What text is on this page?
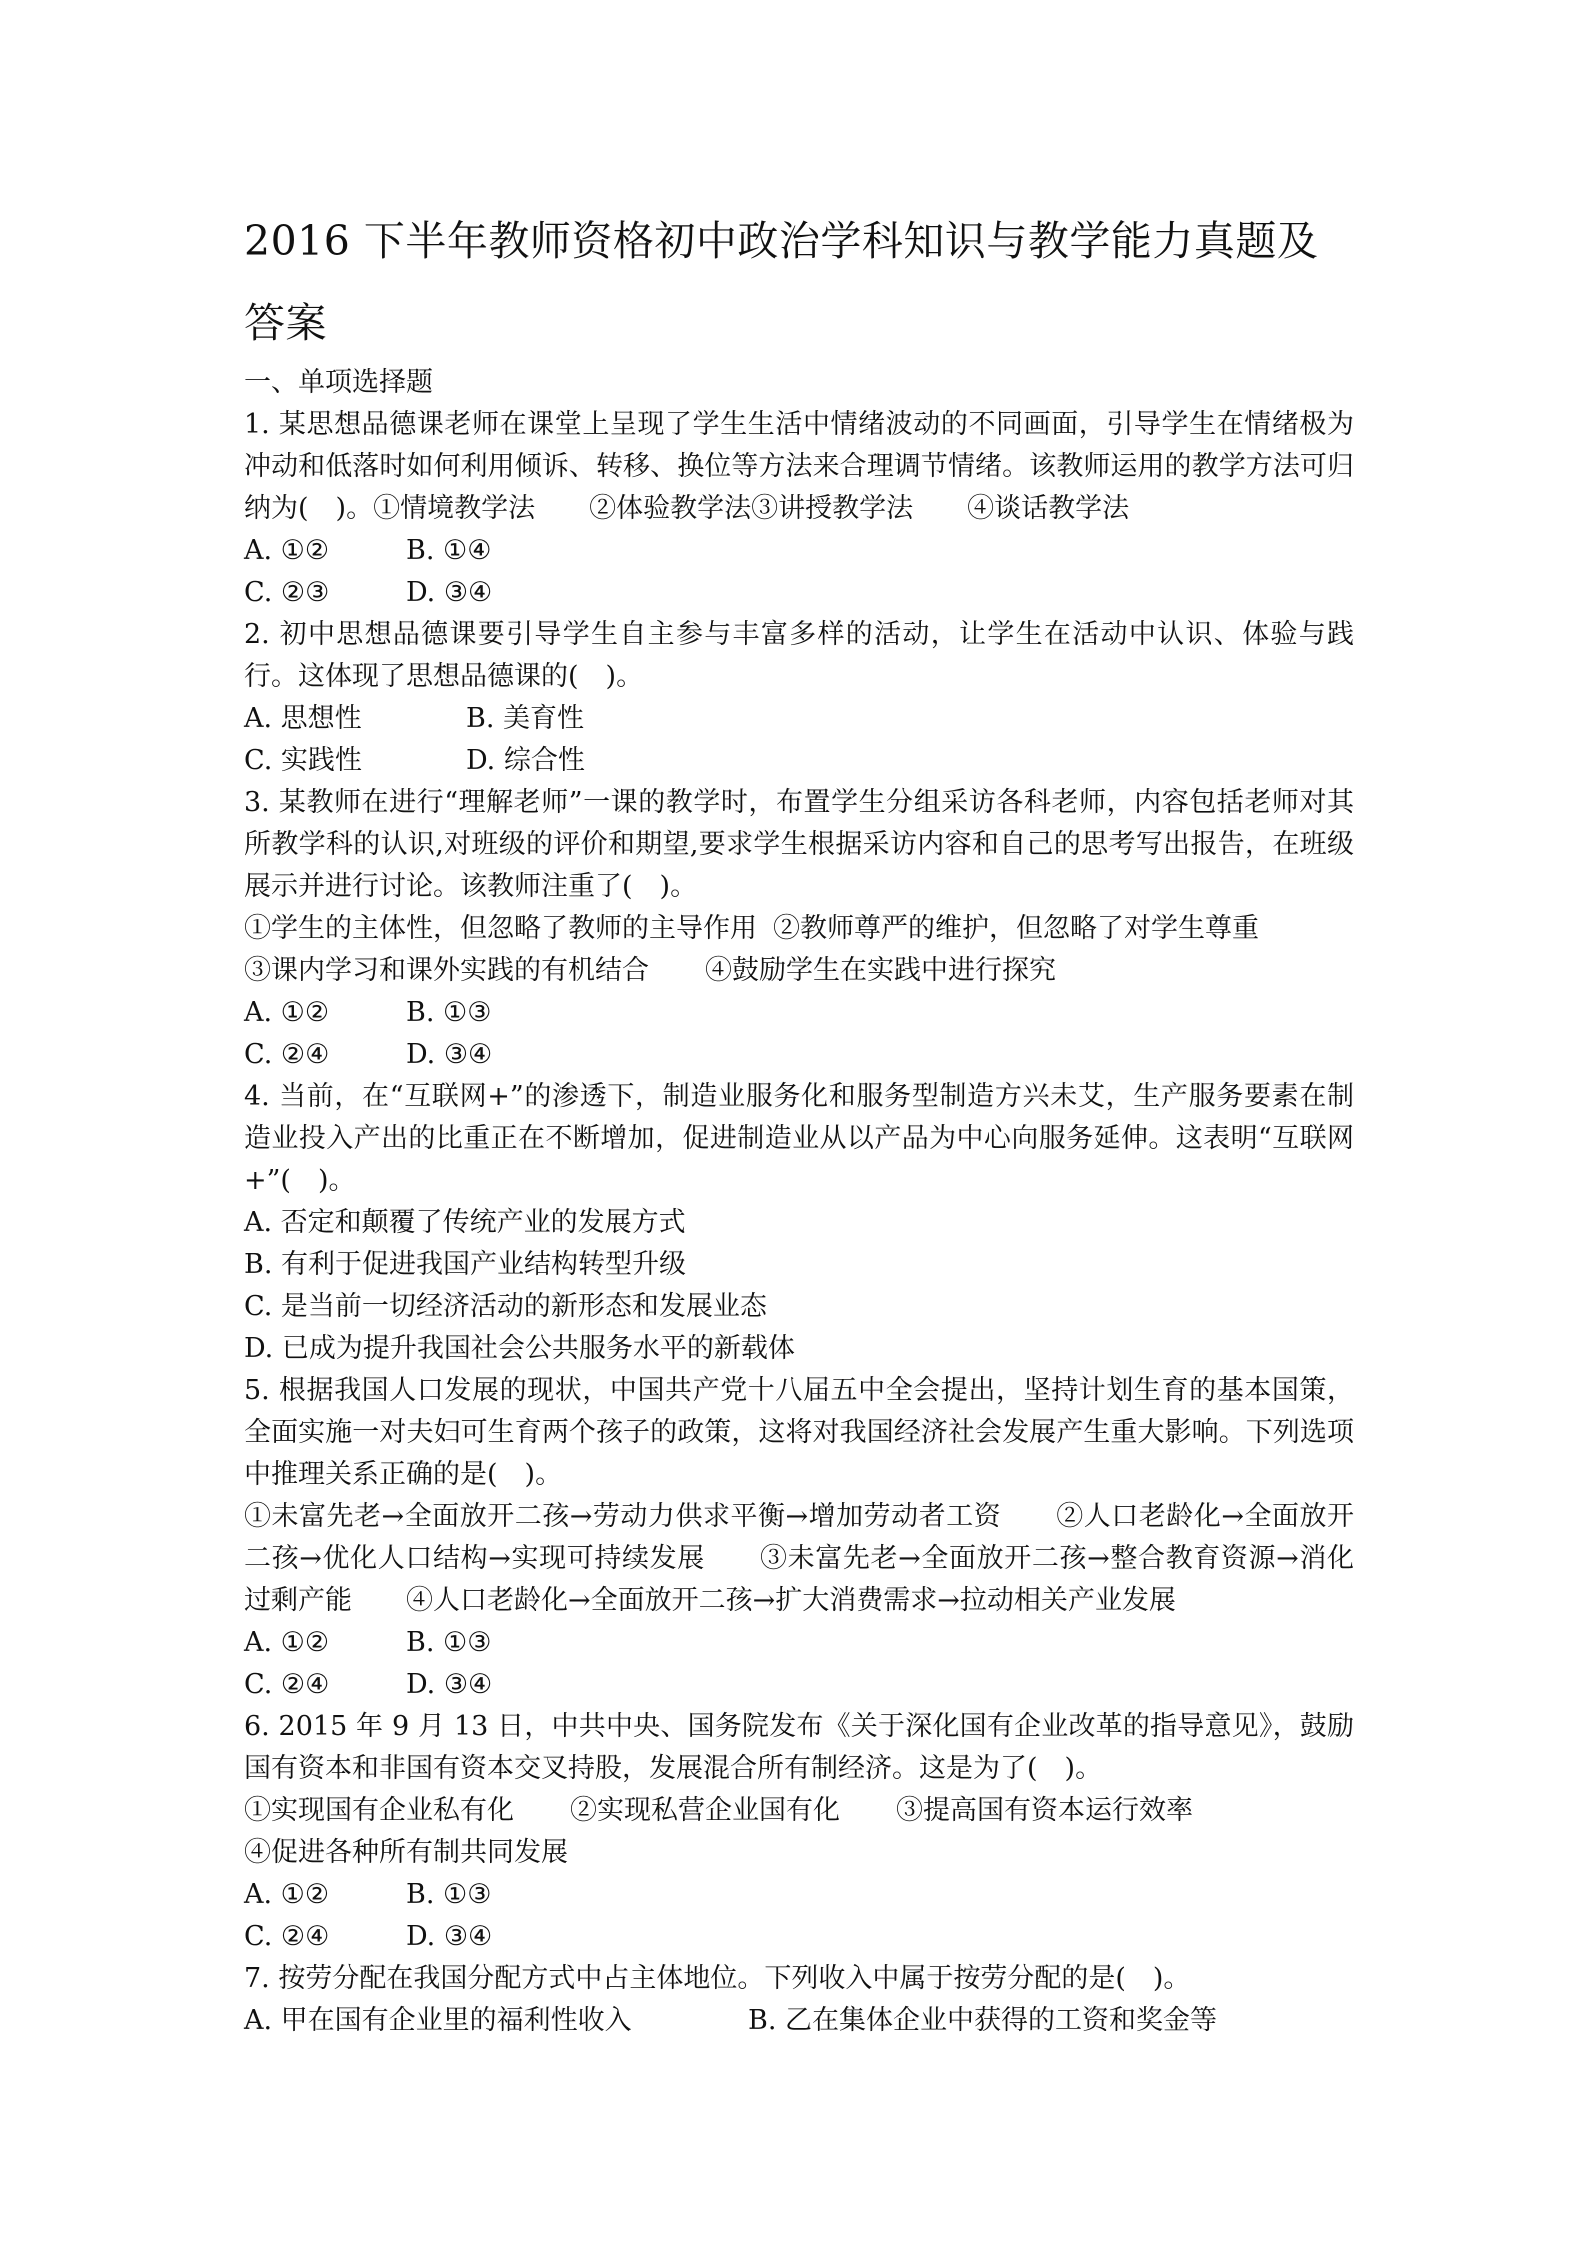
2016 下半年教师资格初中政治学科知识与教学能力真题及
答案
一、单项选择题
1. 某思想品德课老师在课堂上呈现了学生生活中情绪波动的不同画面，引导学生在情绪极为冲动和低落时如何利用倾诉、转移、换位等方法来合理调节情绪。该教师运用的教学方法可归纳为(　)。①情境教学法　　②体验教学法③讲授教学法　　④谈话教学法
A. ①②	B. ①④
C. ②③	D. ③④
2. 初中思想品德课要引导学生自主参与丰富多样的活动，让学生在活动中认识、体验与践行。这体现了思想品德课的(　)。
A. 思想性	B. 美育性
C. 实践性	D. 综合性
3. 某教师在进行“理解老师”一课的教学时，布置学生分组采访各科老师，内容包括老师对其所教学科的认识,对班级的评价和期望,要求学生根据采访内容和自己的思考写出报告，在班级展示并进行讨论。该教师注重了(　)。
①学生的主体性，但忽略了教师的主导作用 ②教师尊严的维护，但忽略了对学生尊重
③课内学习和课外实践的有机结合 ④鼓励学生在实践中进行探究
A. ①②	B. ①③
C. ②④	D. ③④
4. 当前，在“互联网+”的渗透下，制造业服务化和服务型制造方兴未艾，生产服务要素在制造业投入产出的比重正在不断增加，促进制造业从以产品为中心向服务延伸。这表明“互联网+”(　)。
A. 否定和颠覆了传统产业的发展方式
B. 有利于促进我国产业结构转型升级
C. 是当前一切经济活动的新形态和发展业态
D. 已成为提升我国社会公共服务水平的新载体
5. 根据我国人口发展的现状，中国共产党十八届五中全会提出，坚持计划生育的基本国策，全面实施一对夫妇可生育两个孩子的政策，这将对我国经济社会发展产生重大影响。下列选项中推理关系正确的是(　)。
①未富先老→全面放开二孩→劳动力供求平衡→增加劳动者工资　　②人口老龄化→全面放开二孩→优化人口结构→实现可持续发展　　③未富先老→全面放开二孩→整合教育资源→消化过剩产能　　④人口老龄化→全面放开二孩→扩大消费需求→拉动相关产业发展
A. ①②	B. ①③
C. ②④	D. ③④
6. 2015 年 9 月 13 日，中共中央、国务院发布《关于深化国有企业改革的指导意见》，鼓励国有资本和非国有资本交叉持股，发展混合所有制经济。这是为了(　)。
①实现国有企业私有化 ②实现私营企业国有化 ③提高国有资本运行效率
④促进各种所有制共同发展
A. ①②	B. ①③
C. ②④	D. ③④
7. 按劳分配在我国分配方式中占主体地位。下列收入中属于按劳分配的是(　)。
A. 甲在国有企业里的福利性收入	B. 乙在集体企业中获得的工资和奖金等
